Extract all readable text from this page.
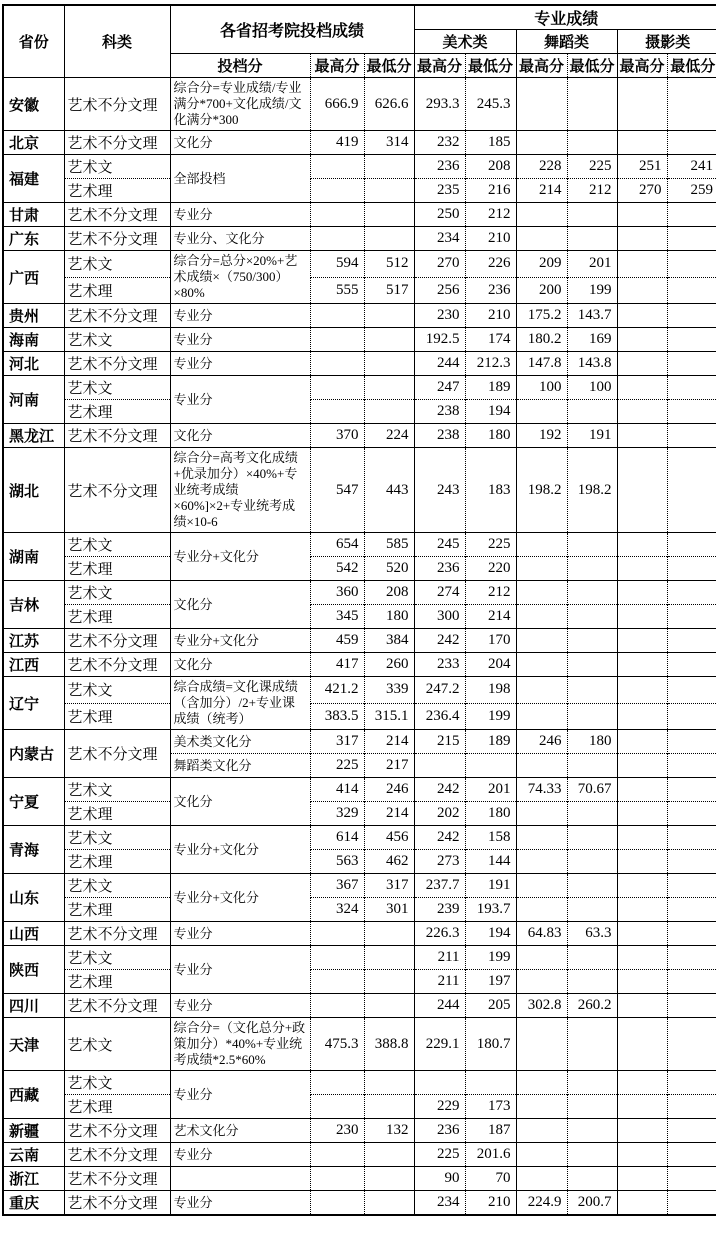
省份	科类	各省招考院投档成绩			专业成绩					
					美术类		舞蹈类		摄影类	
		投档分	最高分	最低分	最高分	最低分	最高分	最低分	最高分	最低分
安徽	艺术不分文理	综合分=专业成绩/专业满分*700+文化成绩/文化满分*300	666.9	626.6	293.3	245.3				
北京	艺术不分文理	文化分	419	314	232	185				
福建	艺术文	全部投档			236	208	228	225	251	241
	艺术理				235	216	214	212	270	259
甘肃	艺术不分文理	专业分			250	212				
广东	艺术不分文理	专业分、文化分			234	210				
广西	艺术文	综合分=总分×20%+艺术成绩×（750/300）×80%	594	512	270	226	209	201		
	艺术理		555	517	256	236	200	199		
贵州	艺术不分文理	专业分			230	210	175.2	143.7		
海南	艺术文	专业分			192.5	174	180.2	169		
河北	艺术不分文理	专业分			244	212.3	147.8	143.8		
河南	艺术文	专业分			247	189	100	100		
	艺术理				238	194				
黑龙江	艺术不分文理	文化分	370	224	238	180	192	191		
湖北	艺术不分文理	综合分=高考文化成绩+优录加分）×40%+专业统考成绩×60%]×2+专业统考成绩×10-6	547	443	243	183	198.2	198.2		
湖南	艺术文	专业分+文化分	654	585	245	225				
	艺术理		542	520	236	220				
吉林	艺术文	文化分	360	208	274	212				
	艺术理		345	180	300	214				
江苏	艺术不分文理	专业分+文化分	459	384	242	170				
江西	艺术不分文理	文化分	417	260	233	204				
辽宁	艺术文	综合成绩=文化课成绩（含加分）/2+专业课成绩（统考）	421.2	339	247.2	198				
	艺术理		383.5	315.1	236.4	199				
内蒙古	艺术不分文理	美术类文化分	317	214	215	189	246	180		
		舞蹈类文化分	225	217						
宁夏	艺术文	文化分	414	246	242	201	74.33	70.67		
	艺术理		329	214	202	180				
青海	艺术文	专业分+文化分	614	456	242	158				
	艺术理		563	462	273	144				
山东	艺术文	专业分+文化分	367	317	237.7	191				
	艺术理		324	301	239	193.7				
山西	艺术不分文理	专业分			226.3	194	64.83	63.3		
陕西	艺术文	专业分			211	199				
	艺术理				211	197				
四川	艺术不分文理	专业分			244	205	302.8	260.2		
天津	艺术文	综合分=（文化总分+政策加分）*40%+专业统考成绩*2.5*60%	475.3	388.8	229.1	180.7				
西藏	艺术文	专业分								
	艺术理				229	173				
新疆	艺术不分文理	艺术文化分	230	132	236	187				
云南	艺术不分文理	专业分			225	201.6				
浙江	艺术不分文理				90	70				
重庆	艺术不分文理	专业分			234	210	224.9	200.7		
